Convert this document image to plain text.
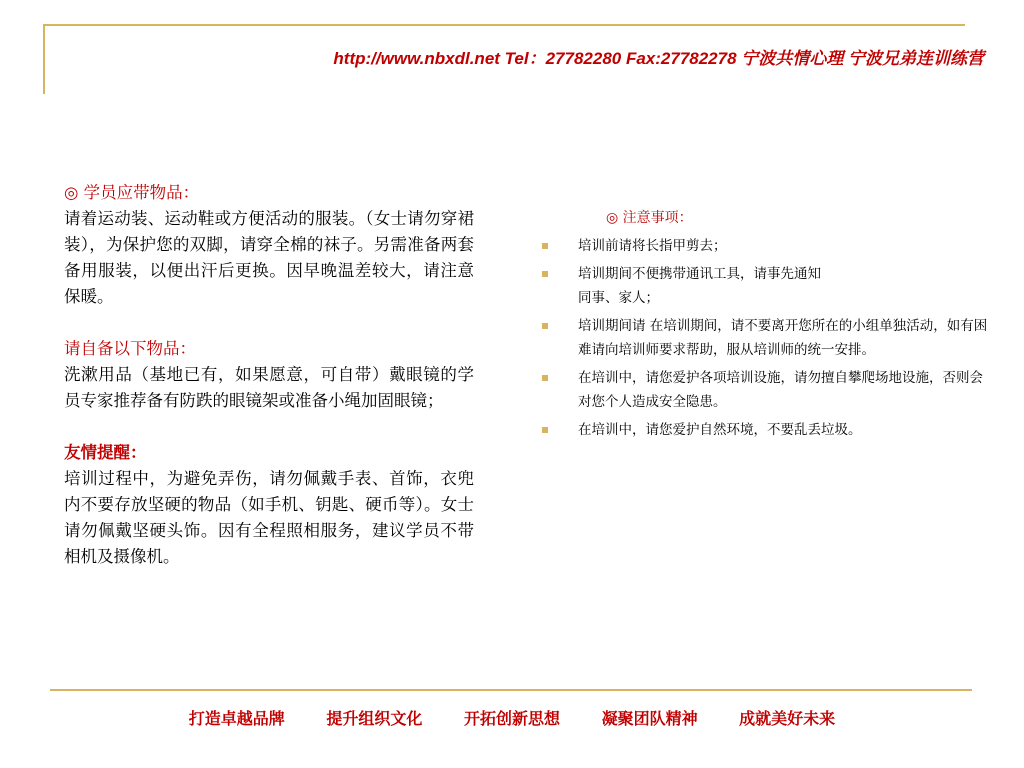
http://www.nbxdl.net Tel：27782280 Fax:27782278 宁波共情心理 宁波兄弟连训练营

◎ 学员应带物品：

请着运动装、运动鞋或方便活动的服装。（女士请勿穿裙装），为保护您的双脚，请穿全棉的袜子。另需准备两套备用服装，以便出汗后更换。因早晚温差较大，请注意保暖。

请自备以下物品：

洗漱用品（基地已有，如果愿意，可自带）戴眼镜的学员专家推荐备有防跌的眼镜架或准备小绳加固眼镜；

友情提醒：

培训过程中，为避免弄伤，请勿佩戴手表、首饰，衣兜内不要存放坚硬的物品（如手机、钥匙、硬币等）。女士请勿佩戴坚硬头饰。因有全程照相服务，建议学员不带相机及摄像机。

◎ 注意事项：
培训前请将长指甲剪去；
培训期间不便携带通讯工具，请事先通知
同事、家人；
培训期间请 在培训期间，请不要离开您所在的小组单独活动，如有困难请向培训师要求帮助，服从培训师的统一安排。
在培训中，请您爱护各项培训设施，请勿擅自攀爬场地设施，否则会对您个人造成安全隐患。
在培训中，请您爱护自然环境，不要乱丢垃圾。
打造卓越品牌	提升组织文化	开拓创新思想	凝聚团队精神	成就美好未来
